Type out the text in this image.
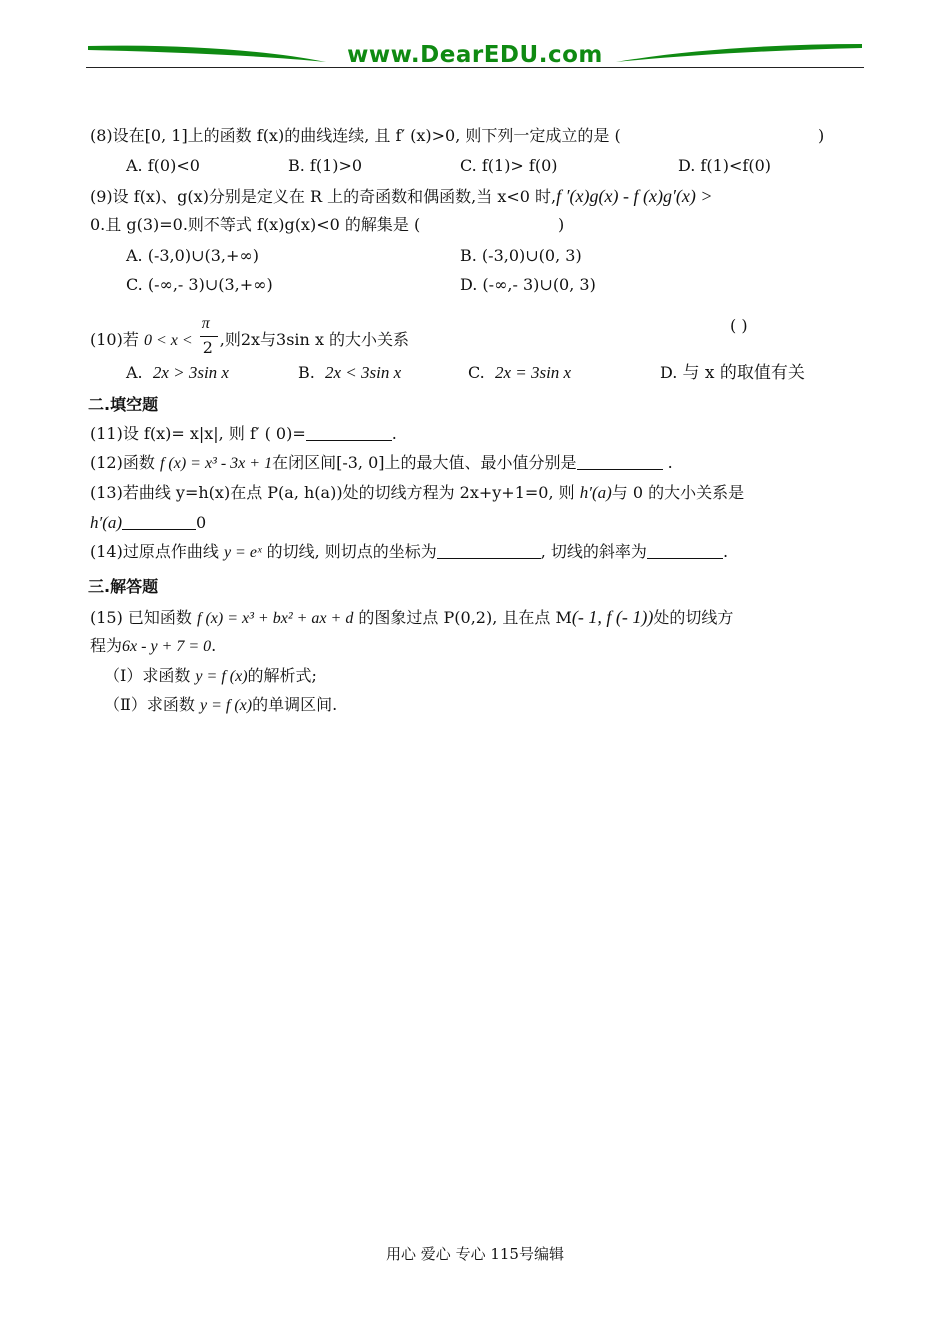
www.DearEDU.com
(8)设在[0, 1]上的函数 f(x)的曲线连续, 且 f′ (x)>0, 则下列一定成立的是 (	)
A. f(0)<0	B. f(1)>0	C. f(1)> f(0)	D. f(1)<f(0)
(9)设 f(x)、g(x)分别是定义在 R 上的奇函数和偶函数,当 x<0 时,f ′(x)g(x) - f (x)g′(x) >
0.且 g(3)=0.则不等式 f(x)g(x)<0 的解集是 (	)
A. (-3,0)∪(3,+∞)	B. (-3,0)∪(0, 3)
C. (-∞,- 3)∪(3,+∞)	D. (-∞,- 3)∪(0, 3)
(10)若 $0 < x < \frac{\pi}{2}$ ,则2x与3sin x 的大小关系
( )
A. 2x > 3sin x	B. 2x < 3sin x	C. 2x = 3sin x	D. 与 x 的取值有关
二.填空题
(11)设 f(x)= x|x|, 则 f′ ( 0)=	.
(12)函数 f (x) = x³ - 3x + 1在闭区间[-3, 0]上的最大值、最小值分别是	.
(13)若曲线 y=h(x)在点 P(a, h(a))处的切线方程为 2x+y+1=0, 则 h′(a)与 0 的大小关系是
h′(a)	0
(14)过原点作曲线 y = eˣ 的切线, 则切点的坐标为	, 切线的斜率为	.
三.解答题
(15) 已知函数 f (x) = x³ + bx² + ax + d 的图象过点 P(0,2), 且在点 M(- 1, f (- 1))处的切线方
程为6x - y + 7 = 0.
（Ⅰ）求函数 y = f (x)的解析式;
（Ⅱ）求函数 y = f (x)的单调区间.
用心 爱心 专心 115号编辑
